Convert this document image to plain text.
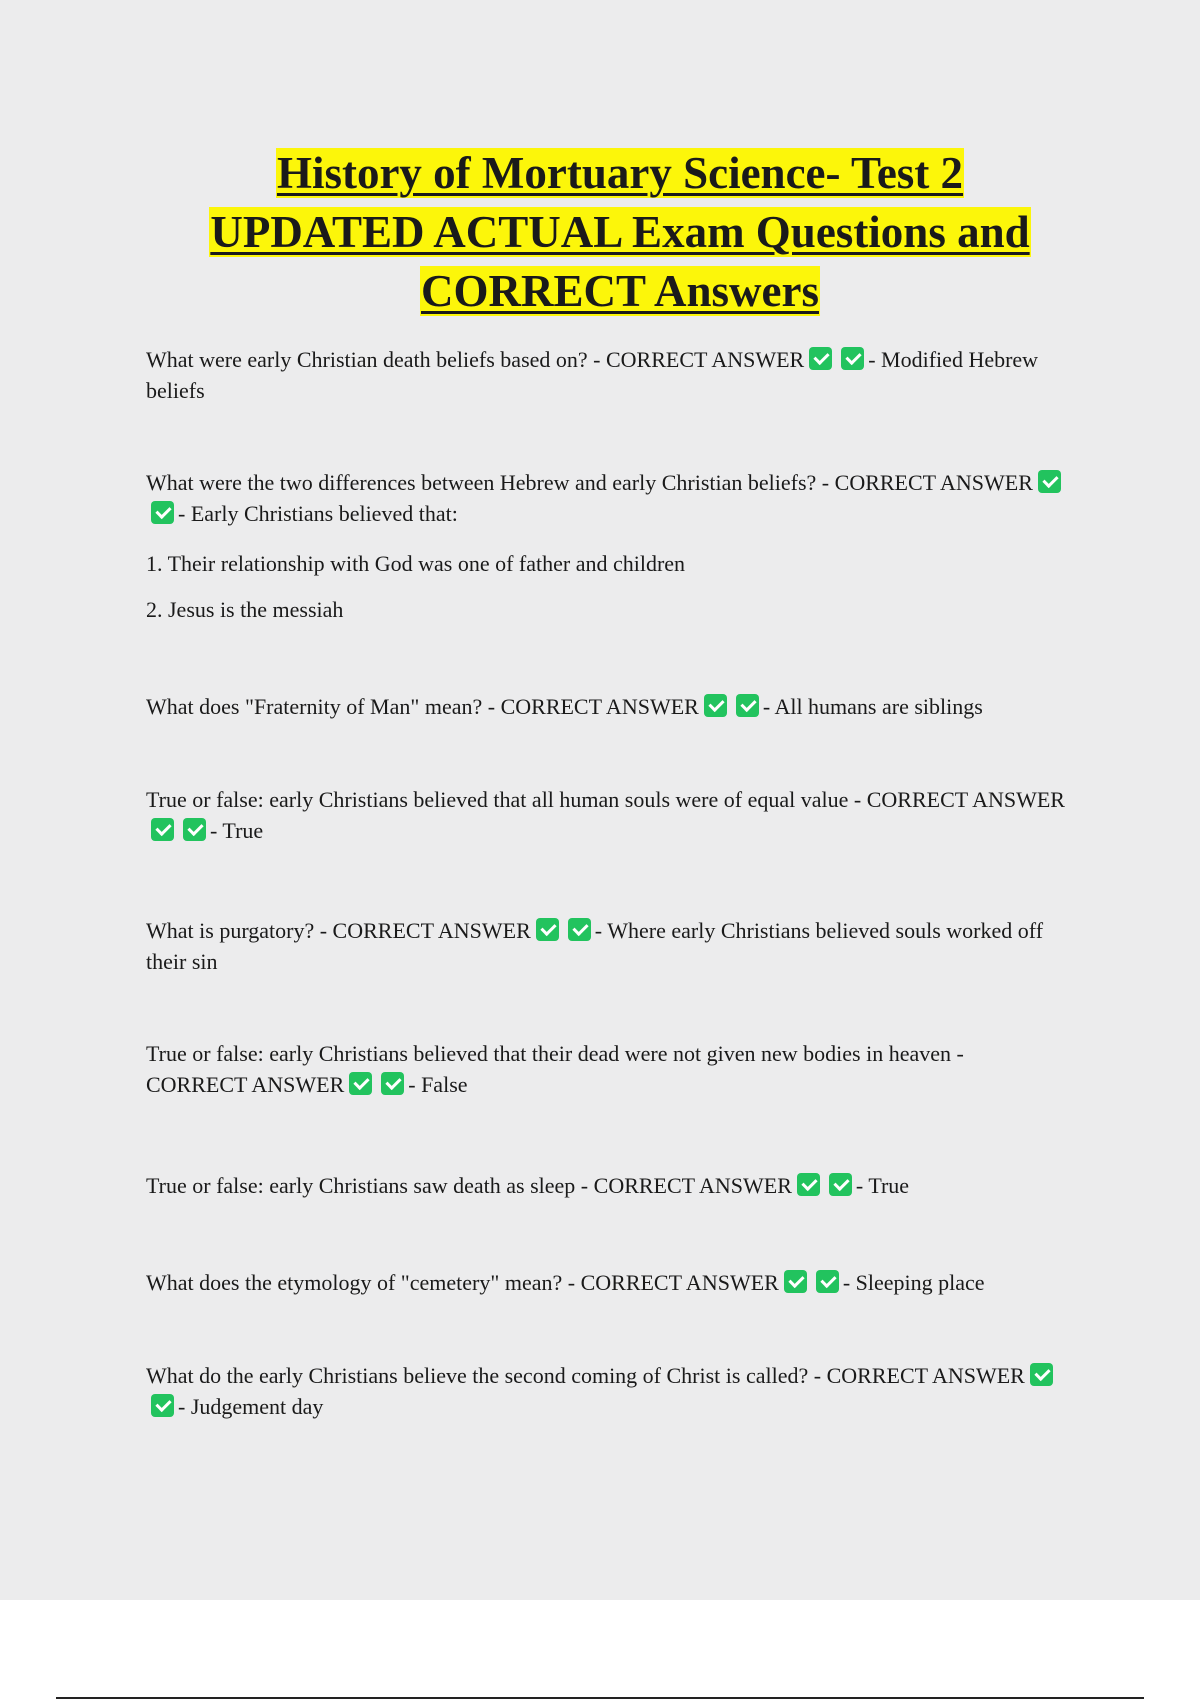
History of Mortuary Science- Test 2
UPDATED ACTUAL Exam Questions and
CORRECT Answers

What were early Christian death beliefs based on? - CORRECT ANSWER	- Modified Hebrew beliefs

What were the two differences between Hebrew and early Christian beliefs? - CORRECT ANSWER- Early Christians believed that:

1. Their relationship with God was one of father and children

2. Jesus is the messiah

What does "Fraternity of Man" mean? - CORRECT ANSWER	- All humans are siblings

True or false: early Christians believed that all human souls were of equal value - CORRECT ANSWER- True

What is purgatory? - CORRECT ANSWER	- Where early Christians believed souls worked off their sin

True or false: early Christians believed that their dead were not given new bodies in heaven - CORRECT ANSWER	- False

True or false: early Christians saw death as sleep - CORRECT ANSWER	- True

What does the etymology of "cemetery" mean? - CORRECT ANSWER	- Sleeping place

What do the early Christians believe the second coming of Christ is called? - CORRECT ANSWER- Judgement day
